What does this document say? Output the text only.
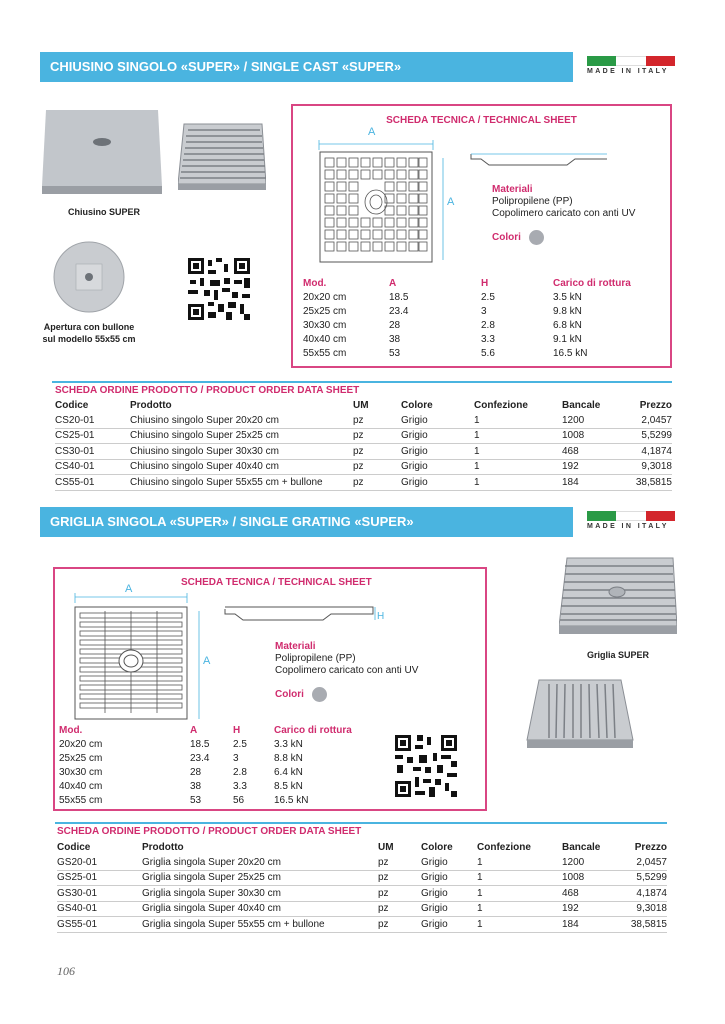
CHIUSINO SINGOLO «SUPER» / SINGLE CAST «SUPER»	MADE IN ITALY
Chiusino SUPER
Apertura con bullone
sul modello 55x55 cm
SCHEDA TECNICA / TECHNICAL SHEET
A
A
Materiali
Polipropilene (PP)
Copolimero caricato con anti UV
Colori
Mod.	A	H	Carico di rottura
20x20 cm	18.5	2.5	3.5 kN
25x25 cm	23.4	3	9.8 kN
30x30 cm	28	2.8	6.8 kN
40x40 cm	38	3.3	9.1 kN
55x55 cm	53	5.6	16.5 kN
SCHEDA ORDINE PRODOTTO / PRODUCT ORDER DATA SHEET
Codice	Prodotto	UM	Colore	Confezione	Bancale	Prezzo
CS20-01	Chiusino singolo Super 20x20 cm	pz	Grigio	1	1200	2,0457
CS25-01	Chiusino singolo Super 25x25 cm	pz	Grigio	1	1008	5,5299
CS30-01	Chiusino singolo Super 30x30 cm	pz	Grigio	1	468	4,1874
CS40-01	Chiusino singolo Super 40x40 cm	pz	Grigio	1	192	9,3018
CS55-01	Chiusino singolo Super 55x55 cm + bullone	pz	Grigio	1	184	38,5815
GRIGLIA SINGOLA «SUPER» / SINGLE GRATING «SUPER»	MADE IN ITALY
SCHEDA TECNICA / TECHNICAL SHEET
A
A
H
Materiali
Polipropilene (PP)
Copolimero caricato con anti UV
Colori
Mod.	A	H	Carico di rottura
20x20 cm	18.5	2.5	3.3 kN
25x25 cm	23.4	3	8.8 kN
30x30 cm	28	2.8	6.4 kN
40x40 cm	38	3.3	8.5 kN
55x55 cm	53	56	16.5 kN
Griglia SUPER
SCHEDA ORDINE PRODOTTO / PRODUCT ORDER DATA SHEET
Codice	Prodotto	UM	Colore	Confezione	Bancale	Prezzo
GS20-01	Griglia singola Super 20x20 cm	pz	Grigio	1	1200	2,0457
GS25-01	Griglia singola Super 25x25 cm	pz	Grigio	1	1008	5,5299
GS30-01	Griglia singola Super 30x30 cm	pz	Grigio	1	468	4,1874
GS40-01	Griglia singola Super 40x40 cm	pz	Grigio	1	192	9,3018
GS55-01	Griglia singola Super 55x55 cm + bullone	pz	Grigio	1	184	38,5815
106
